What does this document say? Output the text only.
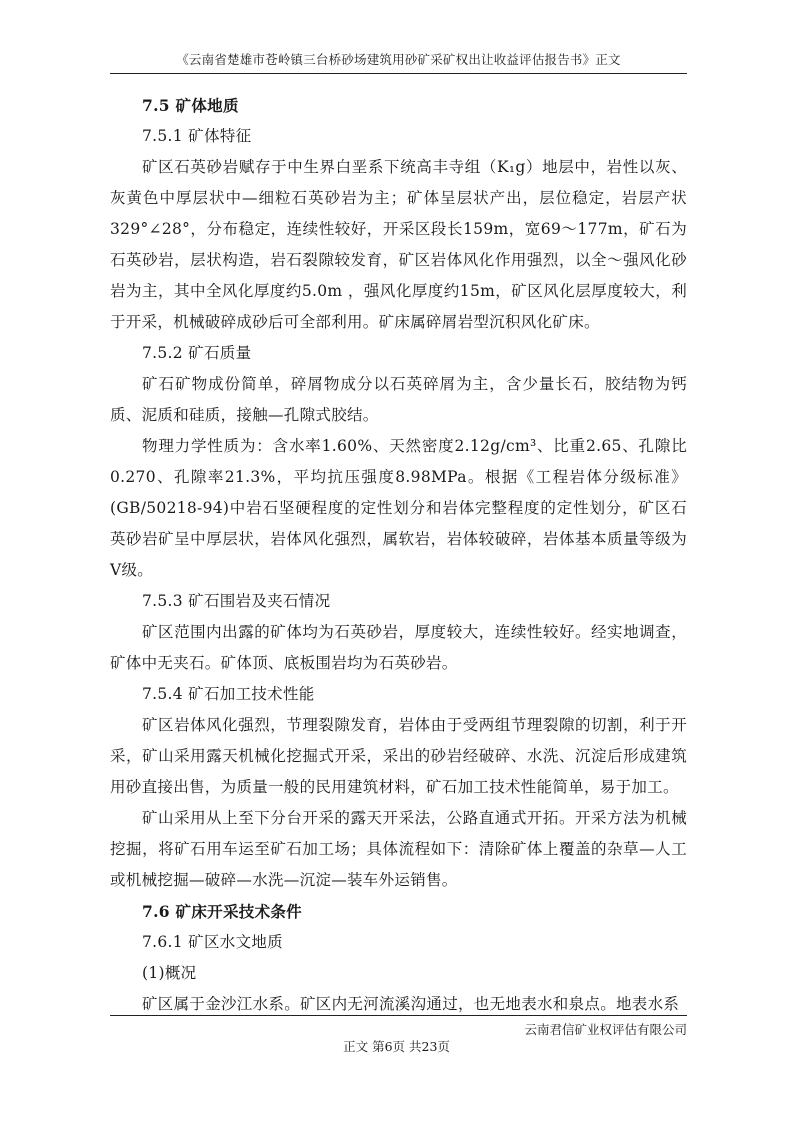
《云南省楚雄市苍岭镇三台桥砂场建筑用砂矿采矿权出让收益评估报告书》正文
7.5 矿体地质
7.5.1 矿体特征
矿区石英砂岩赋存于中生界白垩系下统高丰寺组（K₁g）地层中，岩性以灰、灰黄色中厚层状中—细粒石英砂岩为主；矿体呈层状产出，层位稳定，岩层产状329°∠28°，分布稳定，连续性较好，开采区段长159m，宽69～177m，矿石为石英砂岩，层状构造，岩石裂隙较发育，矿区岩体风化作用强烈，以全～强风化砂岩为主，其中全风化厚度约5.0m ，强风化厚度约15m，矿区风化层厚度较大，利于开采，机械破碎成砂后可全部利用。矿床属碎屑岩型沉积风化矿床。
7.5.2 矿石质量
矿石矿物成份简单，碎屑物成分以石英碎屑为主，含少量长石，胶结物为钙质、泥质和硅质，接触—孔隙式胶结。
物理力学性质为：含水率1.60%、天然密度2.12g/cm³、比重2.65、孔隙比0.270、孔隙率21.3%，平均抗压强度8.98MPa。根据《工程岩体分级标准》(GB/50218-94)中岩石坚硬程度的定性划分和岩体完整程度的定性划分，矿区石英砂岩矿呈中厚层状，岩体风化强烈，属软岩，岩体较破碎，岩体基本质量等级为Ⅴ级。
7.5.3 矿石围岩及夹石情况
矿区范围内出露的矿体均为石英砂岩，厚度较大，连续性较好。经实地调查，矿体中无夹石。矿体顶、底板围岩均为石英砂岩。
7.5.4 矿石加工技术性能
矿区岩体风化强烈，节理裂隙发育，岩体由于受两组节理裂隙的切割，利于开采，矿山采用露天机械化挖掘式开采，采出的砂岩经破碎、水洗、沉淀后形成建筑用砂直接出售，为质量一般的民用建筑材料，矿石加工技术性能简单，易于加工。
矿山采用从上至下分台开采的露天开采法，公路直通式开拓。开采方法为机械挖掘，将矿石用车运至矿石加工场；具体流程如下：清除矿体上覆盖的杂草—人工或机械挖掘—破碎—水洗—沉淀—装车外运销售。
7.6 矿床开采技术条件
7.6.1 矿区水文地质
(1)概况
矿区属于金沙江水系。矿区内无河流溪沟通过，也无地表水和泉点。地表水系
云南君信矿业权评估有限公司
正文 第6页 共23页
